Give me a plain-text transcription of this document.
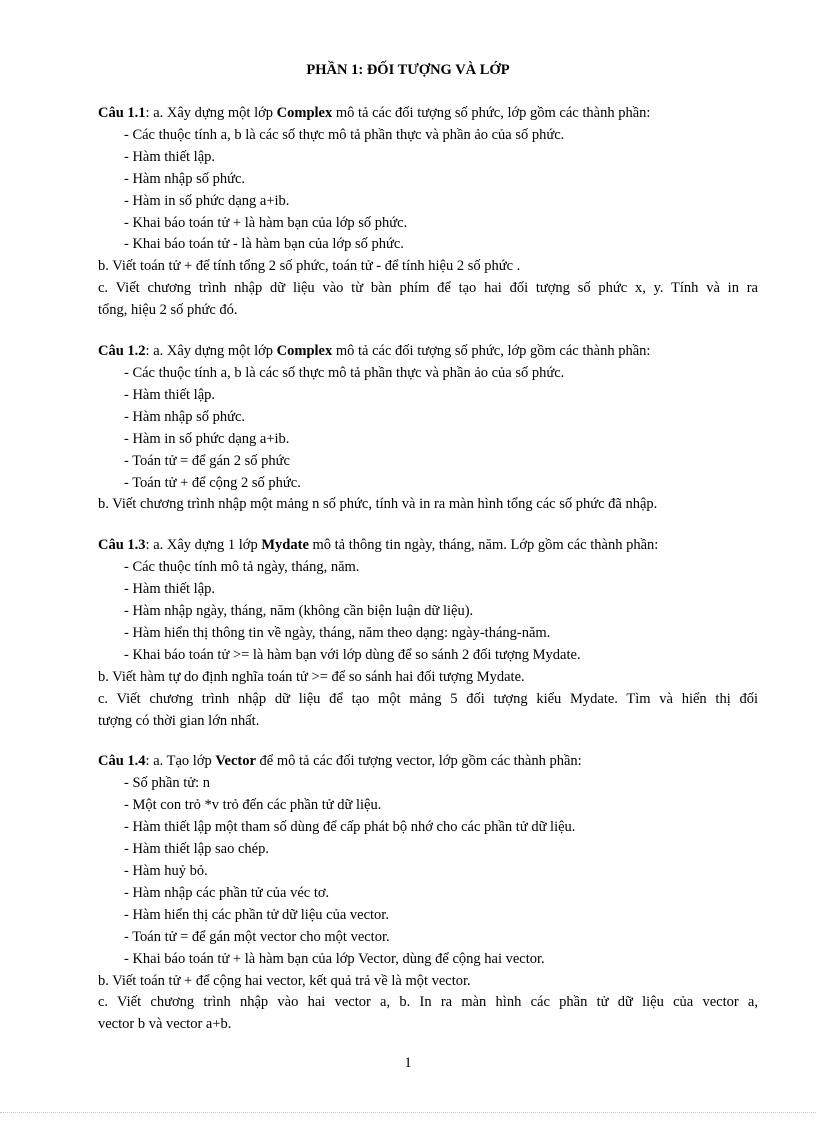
PHẦN 1: ĐỐI TƯỢNG VÀ LỚP
Câu 1.1: a. Xây dựng một lớp Complex mô tả các đối tượng số phức, lớp gồm các thành phần:
- Các thuộc tính a, b là các số thực mô tả phần thực và phần ảo của số phức.
- Hàm thiết lập.
- Hàm nhập số phức.
- Hàm in số phức dạng a+ib.
- Khai báo toán tử + là hàm bạn của lớp số phức.
- Khai báo toán tử - là hàm bạn của lớp số phức.
b. Viết toán tử + để tính tổng 2 số phức, toán tử - để tính hiệu 2 số phức .
c. Viết chương trình nhập dữ liệu vào từ bàn phím để tạo hai đối tượng số phức x, y. Tính và in ra
tổng, hiệu 2 số phức đó.
Câu 1.2: a. Xây dựng một lớp Complex mô tả các đối tượng số phức, lớp gồm các thành phần:
- Các thuộc tính a, b là các số thực mô tả phần thực và phần ảo của số phức.
- Hàm thiết lập.
- Hàm nhập số phức.
- Hàm in số phức dạng a+ib.
- Toán tử = để gán 2 số phức
- Toán tử + để cộng 2 số phức.
b. Viết chương trình nhập một mảng n số phức, tính và in ra màn hình tổng các số phức đã nhập.
Câu 1.3: a. Xây dựng 1 lớp Mydate mô tả thông tin ngày, tháng, năm. Lớp gồm các thành phần:
- Các thuộc tính mô tả ngày, tháng, năm.
- Hàm thiết lập.
- Hàm nhập ngày, tháng, năm (không cần biện luận dữ liệu).
- Hàm hiển thị thông tin về ngày, tháng, năm theo dạng: ngày-tháng-năm.
- Khai báo toán tử >= là hàm bạn với lớp dùng để so sánh 2 đối tượng Mydate.
b. Viết hàm tự do định nghĩa toán tử >= để so sánh hai đối tượng Mydate.
c. Viết chương trình nhập dữ liệu để tạo một mảng 5 đối tượng kiểu Mydate. Tìm và hiển thị đối
tượng có thời gian lớn nhất.
Câu 1.4: a. Tạo lớp Vector để mô tả các đối tượng vector, lớp gồm các thành phần:
- Số phần tử: n
- Một con trỏ *v trỏ đến các phần tử dữ liệu.
- Hàm thiết lập một tham số dùng để cấp phát bộ nhớ cho các phần tử dữ liệu.
- Hàm thiết lập sao chép.
- Hàm huỷ bỏ.
- Hàm nhập các phần tử của véc tơ.
- Hàm hiển thị các phần tử dữ liệu của vector.
- Toán tử = để gán một vector cho một vector.
- Khai báo toán tử + là hàm bạn của lớp Vector, dùng để cộng hai vector.
b. Viết toán tử + để cộng hai vector, kết quả trả về là một vector.
c. Viết chương trình nhập vào hai vector a, b. In ra màn hình các phần tử dữ liệu của vector a,
vector b và vector a+b.
1
